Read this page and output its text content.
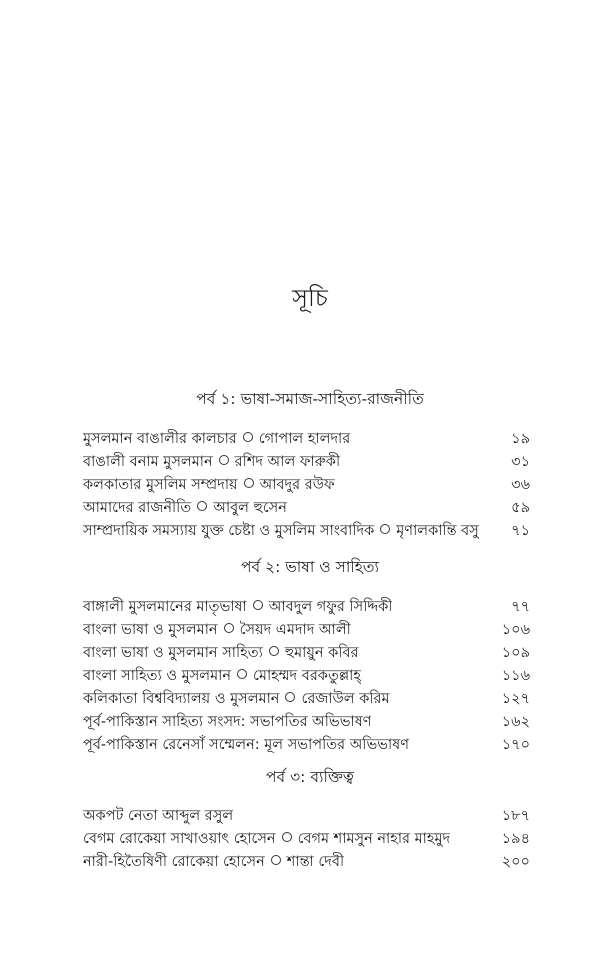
সূচি
পর্ব ১: ভাষা-সমাজ-সাহিত্য-রাজনীতি
মুসলমান বাঙালীর কালচার গোপাল হালদার	১৯
বাঙালী বনাম মুসলমান রশিদ আল ফারুকী	৩১
কলকাতার মুসলিম সম্প্রদায় আবদুর রউফ	৩৬
আমাদের রাজনীতি আবুল হুসেন	৫৯
সাম্প্রদায়িক সমস্যায় যুক্ত চেষ্টা ও মুসলিম সাংবাদিক মৃণালকান্তি বসু	৭১
পর্ব ২: ভাষা ও সাহিত্য
বাঙ্গালী মুসলমানের মাতৃভাষা আবদুল গফুর সিদ্দিকী	৭৭
বাংলা ভাষা ও মুসলমান সৈয়দ এমদাদ আলী	১০৬
বাংলা ভাষা ও মুসলমান সাহিত্য হুমায়ুন কবির	১০৯
বাংলা সাহিত্য ও মুসলমান মোহম্মদ বরকতুল্লাহ্	১১৬
কলিকাতা বিশ্ববিদ্যালয় ও মুসলমান রেজাউল করিম	১২৭
পূর্ব-পাকিস্তান সাহিত্য সংসদ: সভাপতির অভিভাষণ	১৬২
পূর্ব-পাকিস্তান রেনেসাঁ সম্মেলন: মূল সভাপতির অভিভাষণ	১৭০
পর্ব ৩: ব্যক্তিত্ব
অকপট নেতা আব্দুল রসুল	১৮৭
বেগম রোকেয়া সাখাওয়াৎ হোসেন বেগম শামসুন নাহার মাহমুদ	১৯৪
নারী-হিতৈষিণী রোকেয়া হোসেন শান্তা দেবী	২০০
